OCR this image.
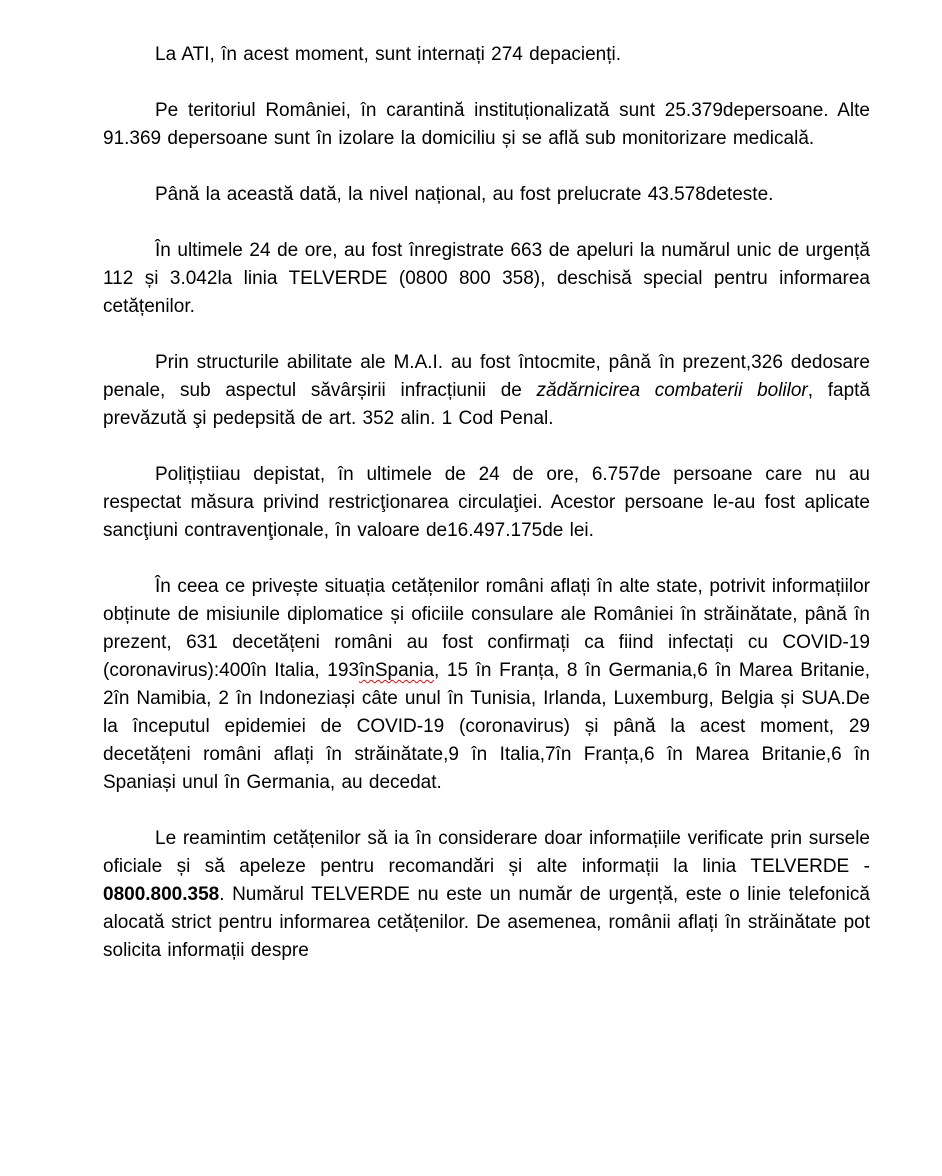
La ATI, în acest moment, sunt internați 274 depacienți.

Pe teritoriul României, în carantină instituționalizată sunt 25.379depersoane. Alte 91.369 depersoane sunt în izolare la domiciliu și se află sub monitorizare medicală.

Până la această dată, la nivel național, au fost prelucrate 43.578deteste.

În ultimele 24 de ore, au fost înregistrate 663 de apeluri la numărul unic de urgență 112 și 3.042la linia TELVERDE (0800 800 358), deschisă special pentru informarea cetățenilor.

Prin structurile abilitate ale M.A.I. au fost întocmite, până în prezent,326 dedosare penale, sub aspectul săvârșirii infracțiunii de zădărnicirea combaterii bolilor, faptă prevăzută şi pedepsită de art. 352 alin. 1 Cod Penal.

Polițiștiiau depistat, în ultimele de 24 de ore, 6.757de persoane care nu au respectat măsura privind restricţionarea circulaţiei. Acestor persoane le-au fost aplicate sancţiuni contravenţionale, în valoare de16.497.175de lei.

În ceea ce privește situația cetățenilor români aflați în alte state, potrivit informațiilor obținute de misiunile diplomatice și oficiile consulare ale României în străinătate, până în prezent, 631 decetățeni români au fost confirmați ca fiind infectați cu COVID-19 (coronavirus):400în Italia, 193înSpania, 15 în Franța, 8 în Germania,6 în Marea Britanie, 2în Namibia, 2 în Indoneziași câte unul în Tunisia, Irlanda, Luxemburg, Belgia și SUA.De la începutul epidemiei de COVID-19 (coronavirus) și până la acest moment, 29 decetățeni români aflați în străinătate,9 în Italia,7în Franța,6 în Marea Britanie,6 în Spaniași unul în Germania, au decedat.

Le reamintim cetățenilor să ia în considerare doar informațiile verificate prin sursele oficiale și să apeleze pentru recomandări și alte informații la linia TELVERDE - 0800.800.358. Numărul TELVERDE nu este un număr de urgență, este o linie telefonică alocată strict pentru informarea cetățenilor. De asemenea, românii aflați în străinătate pot solicita informații despre
